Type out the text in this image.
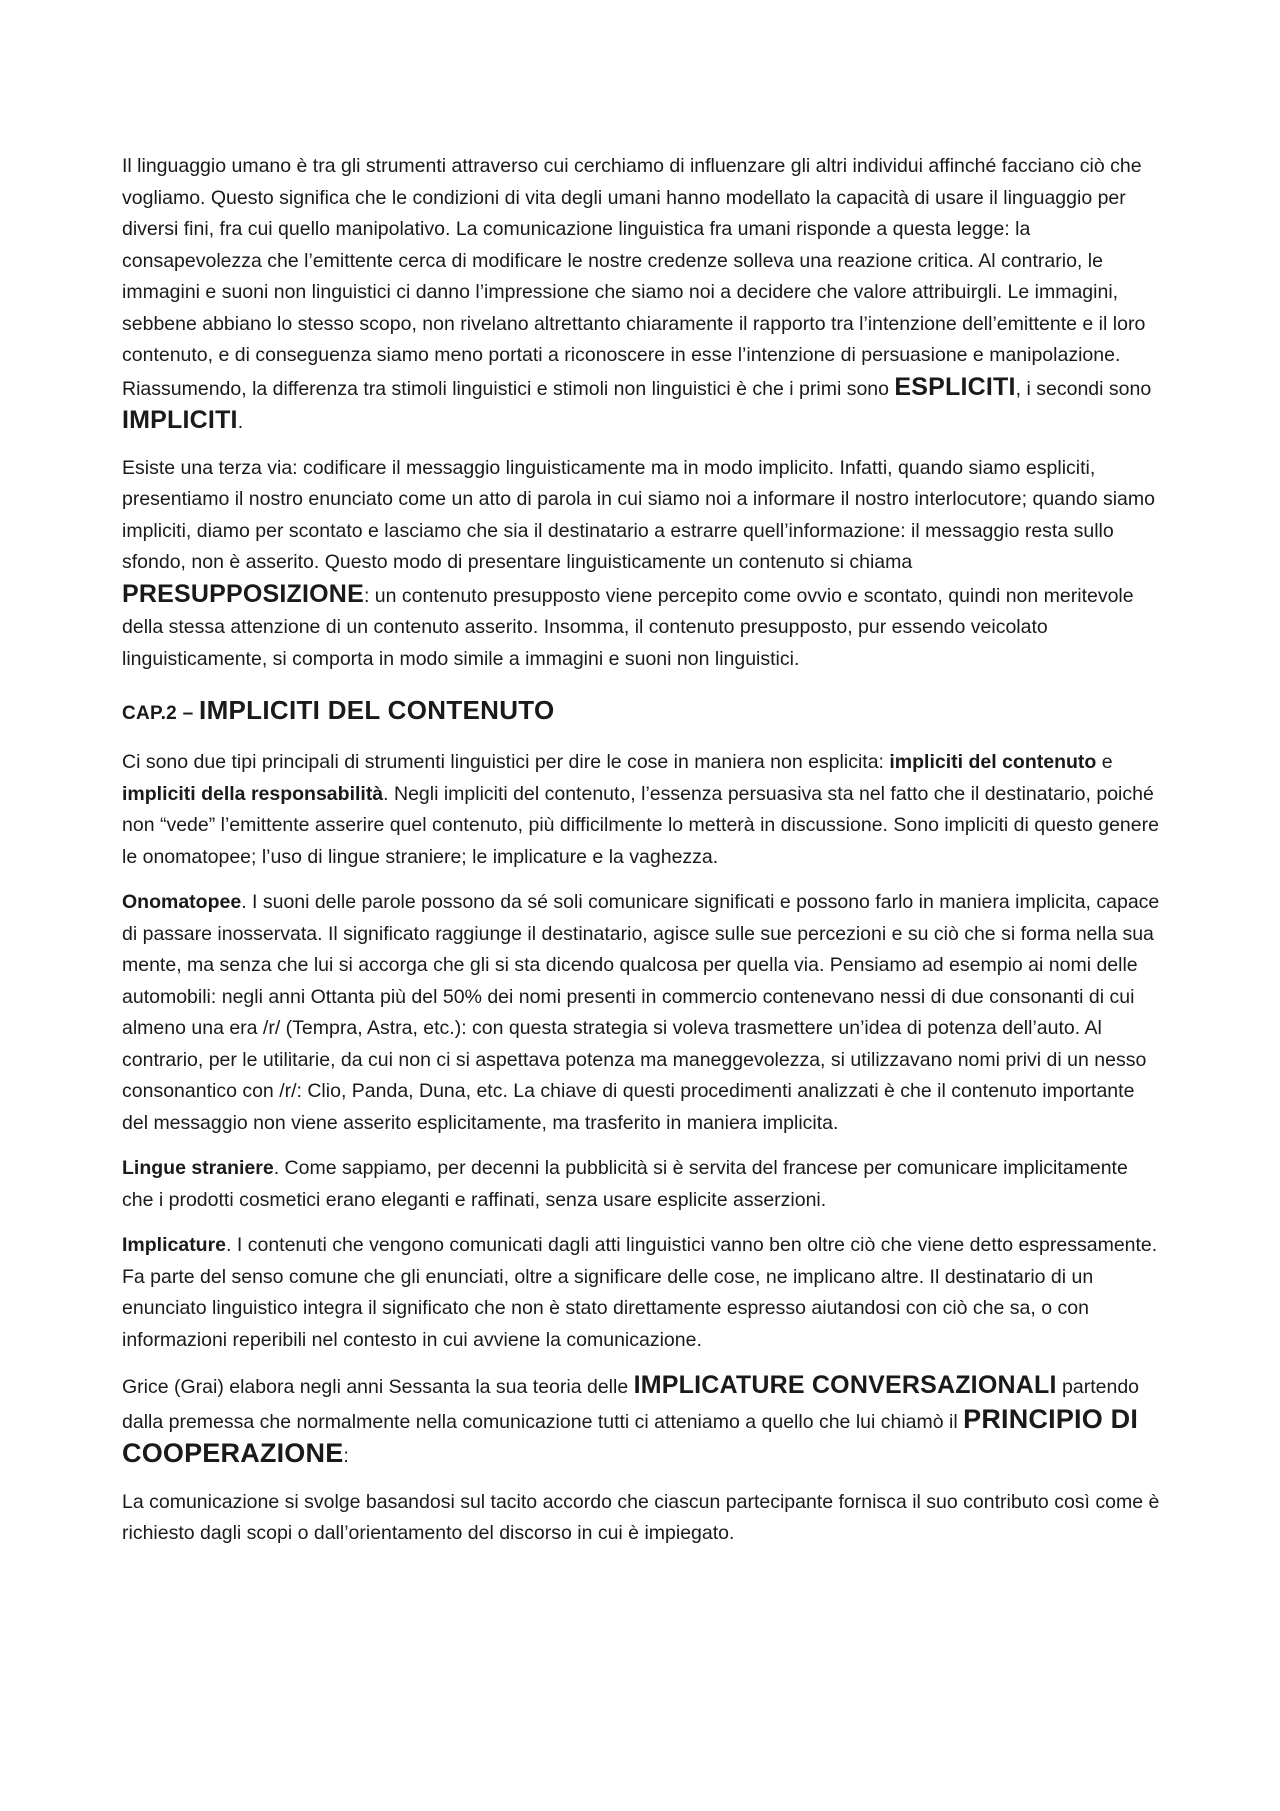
Il linguaggio umano è tra gli strumenti attraverso cui cerchiamo di influenzare gli altri individui affinché facciano ciò che vogliamo. Questo significa che le condizioni di vita degli umani hanno modellato la capacità di usare il linguaggio per diversi fini, fra cui quello manipolativo. La comunicazione linguistica fra umani risponde a questa legge: la consapevolezza che l’emittente cerca di modificare le nostre credenze solleva una reazione critica. Al contrario, le immagini e suoni non linguistici ci danno l’impressione che siamo noi a decidere che valore attribuirgli. Le immagini, sebbene abbiano lo stesso scopo, non rivelano altrettanto chiaramente il rapporto tra l’intenzione dell’emittente e il loro contenuto, e di conseguenza siamo meno portati a riconoscere in esse l’intenzione di persuasione e manipolazione. Riassumendo, la differenza tra stimoli linguistici e stimoli non linguistici è che i primi sono ESPLICITI, i secondi sono IMPLICITI.

Esiste una terza via: codificare il messaggio linguisticamente ma in modo implicito. Infatti, quando siamo espliciti, presentiamo il nostro enunciato come un atto di parola in cui siamo noi a informare il nostro interlocutore; quando siamo impliciti, diamo per scontato e lasciamo che sia il destinatario a estrarre quell’informazione: il messaggio resta sullo sfondo, non è asserito. Questo modo di presentare linguisticamente un contenuto si chiama PRESUPPOSIZIONE: un contenuto presupposto viene percepito come ovvio e scontato, quindi non meritevole della stessa attenzione di un contenuto asserito. Insomma, il contenuto presupposto, pur essendo veicolato linguisticamente, si comporta in modo simile a immagini e suoni non linguistici.

CAP.2 – IMPLICITI DEL CONTENUTO

Ci sono due tipi principali di strumenti linguistici per dire le cose in maniera non esplicita: impliciti del contenuto e impliciti della responsabilità. Negli impliciti del contenuto, l’essenza persuasiva sta nel fatto che il destinatario, poiché non “vede” l’emittente asserire quel contenuto, più difficilmente lo metterà in discussione. Sono impliciti di questo genere le onomatopee; l’uso di lingue straniere; le implicature e la vaghezza.

Onomatopee. I suoni delle parole possono da sé soli comunicare significati e possono farlo in maniera implicita, capace di passare inosservata. Il significato raggiunge il destinatario, agisce sulle sue percezioni e su ciò che si forma nella sua mente, ma senza che lui si accorga che gli si sta dicendo qualcosa per quella via. Pensiamo ad esempio ai nomi delle automobili: negli anni Ottanta più del 50% dei nomi presenti in commercio contenevano nessi di due consonanti di cui almeno una era /r/ (Tempra, Astra, etc.): con questa strategia si voleva trasmettere un’idea di potenza dell’auto. Al contrario, per le utilitarie, da cui non ci si aspettava potenza ma maneggevolezza, si utilizzavano nomi privi di un nesso consonantico con /r/: Clio, Panda, Duna, etc. La chiave di questi procedimenti analizzati è che il contenuto importante del messaggio non viene asserito esplicitamente, ma trasferito in maniera implicita.

Lingue straniere. Come sappiamo, per decenni la pubblicità si è servita del francese per comunicare implicitamente che i prodotti cosmetici erano eleganti e raffinati, senza usare esplicite asserzioni.

Implicature. I contenuti che vengono comunicati dagli atti linguistici vanno ben oltre ciò che viene detto espressamente. Fa parte del senso comune che gli enunciati, oltre a significare delle cose, ne implicano altre. Il destinatario di un enunciato linguistico integra il significato che non è stato direttamente espresso aiutandosi con ciò che sa, o con informazioni reperibili nel contesto in cui avviene la comunicazione.

Grice (Grai) elabora negli anni Sessanta la sua teoria delle IMPLICATURE CONVERSAZIONALI partendo dalla premessa che normalmente nella comunicazione tutti ci atteniamo a quello che lui chiamò il PRINCIPIO DI COOPERAZIONE:

La comunicazione si svolge basandosi sul tacito accordo che ciascun partecipante fornisca il suo contributo così come è richiesto dagli scopi o dall’orientamento del discorso in cui è impiegato.
